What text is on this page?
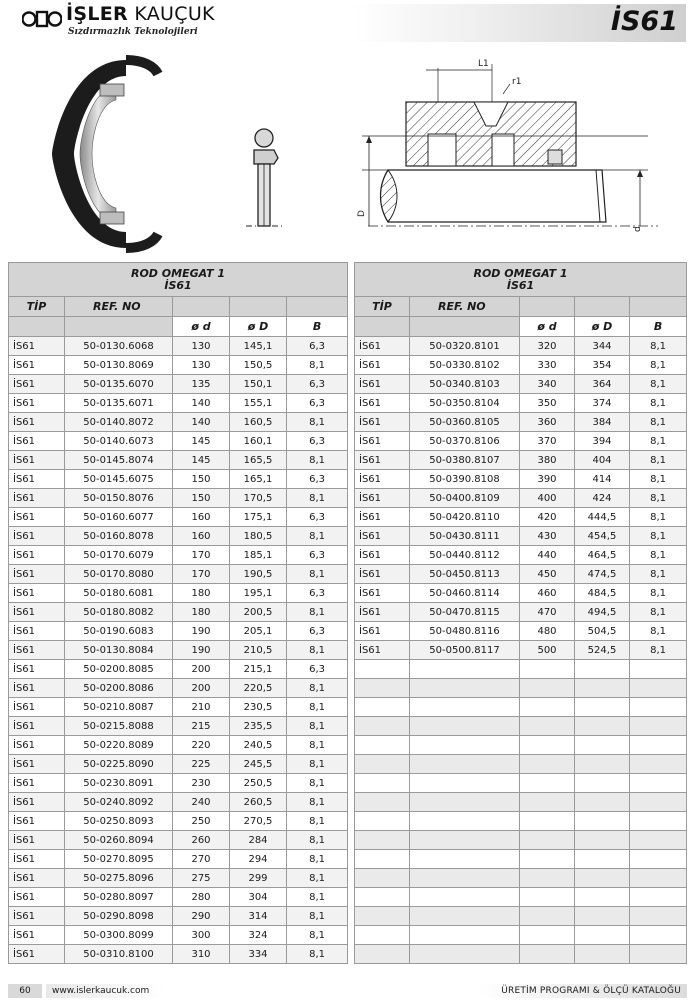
İŞLER KAUÇUK
Sızdırmazlık Teknolojileri	İS61
L1
r1
D
d
ROD OMEGAT 1
İS61				
TİP	REF. NO			
		ø d	ø D	B
İS61	50-0130.6068	130	145,1	6,3
İS61	50-0130.8069	130	150,5	8,1
İS61	50-0135.6070	135	150,1	6,3
İS61	50-0135.6071	140	155,1	6,3
İS61	50-0140.8072	140	160,5	8,1
İS61	50-0140.6073	145	160,1	6,3
İS61	50-0145.8074	145	165,5	8,1
İS61	50-0145.6075	150	165,1	6,3
İS61	50-0150.8076	150	170,5	8,1
İS61	50-0160.6077	160	175,1	6,3
İS61	50-0160.8078	160	180,5	8,1
İS61	50-0170.6079	170	185,1	6,3
İS61	50-0170.8080	170	190,5	8,1
İS61	50-0180.6081	180	195,1	6,3
İS61	50-0180.8082	180	200,5	8,1
İS61	50-0190.6083	190	205,1	6,3
İS61	50-0130.8084	190	210,5	8,1
İS61	50-0200.8085	200	215,1	6,3
İS61	50-0200.8086	200	220,5	8,1
İS61	50-0210.8087	210	230,5	8,1
İS61	50-0215.8088	215	235,5	8,1
İS61	50-0220.8089	220	240,5	8,1
İS61	50-0225.8090	225	245,5	8,1
İS61	50-0230.8091	230	250,5	8,1
İS61	50-0240.8092	240	260,5	8,1
İS61	50-0250.8093	250	270,5	8,1
İS61	50-0260.8094	260	284	8,1
İS61	50-0270.8095	270	294	8,1
İS61	50-0275.8096	275	299	8,1
İS61	50-0280.8097	280	304	8,1
İS61	50-0290.8098	290	314	8,1
İS61	50-0300.8099	300	324	8,1
İS61	50-0310.8100	310	334	8,1
ROD OMEGAT 1
İS61				
TİP	REF. NO			
		ø d	ø D	B
İS61	50-0320.8101	320	344	8,1
İS61	50-0330.8102	330	354	8,1
İS61	50-0340.8103	340	364	8,1
İS61	50-0350.8104	350	374	8,1
İS61	50-0360.8105	360	384	8,1
İS61	50-0370.8106	370	394	8,1
İS61	50-0380.8107	380	404	8,1
İS61	50-0390.8108	390	414	8,1
İS61	50-0400.8109	400	424	8,1
İS61	50-0420.8110	420	444,5	8,1
İS61	50-0430.8111	430	454,5	8,1
İS61	50-0440.8112	440	464,5	8,1
İS61	50-0450.8113	450	474,5	8,1
İS61	50-0460.8114	460	484,5	8,1
İS61	50-0470.8115	470	494,5	8,1
İS61	50-0480.8116	480	504,5	8,1
İS61	50-0500.8117	500	524,5	8,1

60	www.islerkaucuk.com	ÜRETİM PROGRAMI & ÖLÇÜ KATALOĞU
